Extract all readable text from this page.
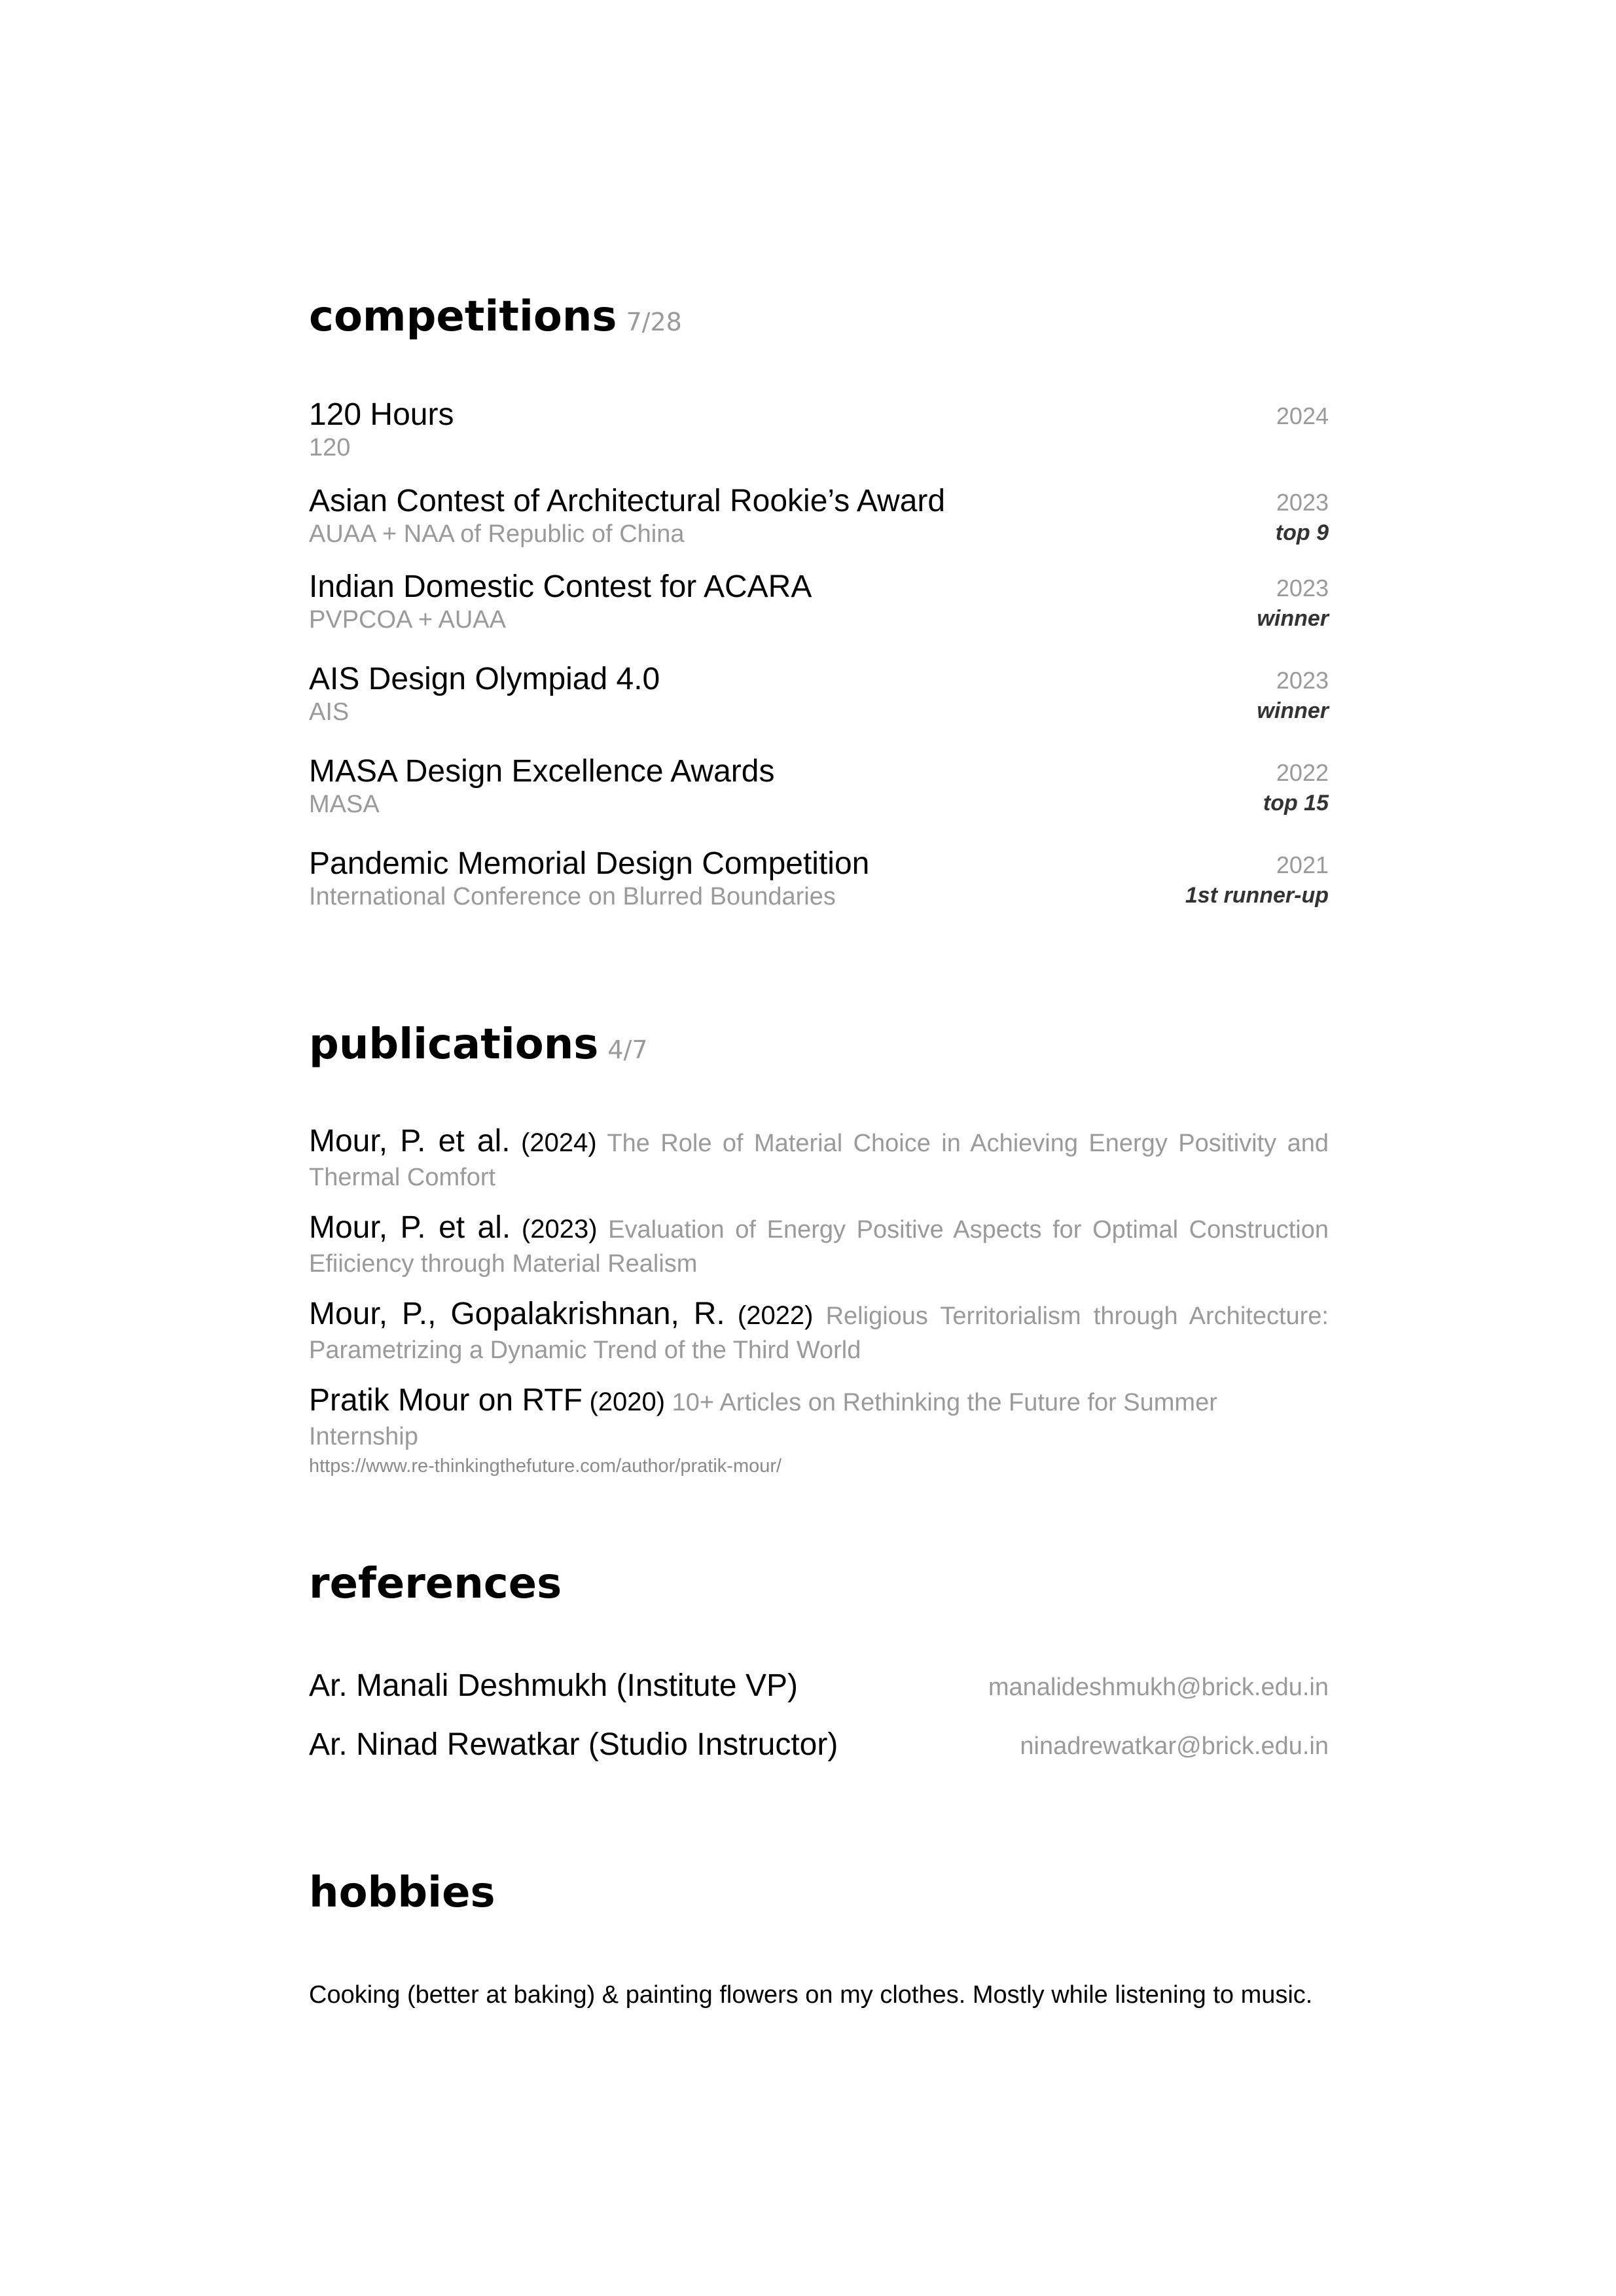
competitions 7/28
120 Hours
120
2024
Asian Contest of Architectural Rookie’s Award
AUAA + NAA of Republic of China
2023
top 9
Indian Domestic Contest for ACARA
PVPCOA + AUAA
2023
winner
AIS Design Olympiad 4.0
AIS
2023
winner
MASA Design Excellence Awards
MASA
2022
top 15
Pandemic Memorial Design Competition
International Conference on Blurred Boundaries
2021
1st runner-up
publications 4/7
Mour, P. et al. (2024) The Role of Material Choice in Achieving Energy Positivity and Thermal Comfort
Mour, P. et al. (2023) Evaluation of Energy Positive Aspects for Optimal Construction Efiiciency through Material Realism
Mour, P., Gopalakrishnan, R. (2022) Religious Territorialism through Architecture: Parametrizing a Dynamic Trend of the Third World
Pratik Mour on RTF (2020) 10+ Articles on Rethinking the Future for Summer Internship
https://www.re-thinkingthefuture.com/author/pratik-mour/
references
Ar. Manali Deshmukh (Institute VP)	manalideshmukh@brick.edu.in
Ar. Ninad Rewatkar (Studio Instructor)	ninadrewatkar@brick.edu.in
hobbies
Cooking (better at baking) & painting flowers on my clothes. Mostly while listening to music.
